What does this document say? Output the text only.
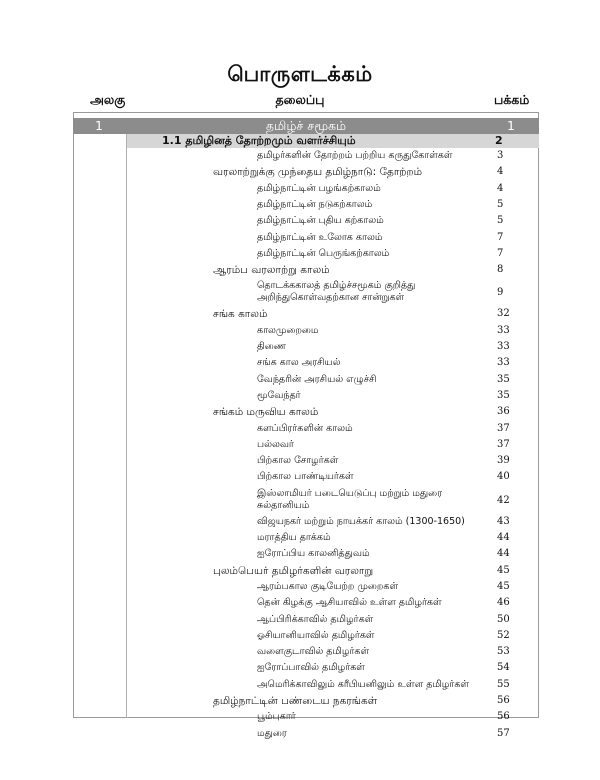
பொருளடக்கம்
அலகு	தலைப்பு	பக்கம்
1	தமிழ்ச் சமூகம்	1
1.1 தமிழினத் தோற்றமும் வளர்ச்சியும்	2
தமிழர்களின் தோற்றம் பற்றிய கருதுகோள்கள்	3
வரலாற்றுக்கு முந்தைய தமிழ்நாடு: தோற்றம்	4
தமிழ்நாட்டின் பழங்கற்காலம்	4
தமிழ்நாட்டின் நடுகற்காலம்	5
தமிழ்நாட்டின் புதிய கற்காலம்	5
தமிழ்நாட்டின் உலோக காலம்	7
தமிழ்நாட்டின் பெருங்கற்காலம்	7
ஆரம்ப வரலாற்று காலம்	8
தொடக்ககாலத் தமிழ்ச்சமூகம் குறித்து
அறிந்துகொள்வதற்கான சான்றுகள்	9
சங்க காலம்	32
காலமுறைமை	33
திணை	33
சங்க கால அரசியல்	33
வேந்தரின் அரசியல் எழுச்சி	35
மூவேந்தர்	35
சங்கம் மருவிய காலம்	36
களப்பிரர்களின் காலம்	37
பல்லவர்	37
பிற்கால சோழர்கள்	39
பிற்கால பாண்டியர்கள்	40
இஸ்லாமியர் படையெடுப்பு மற்றும் மதுரை
சுல்தானியம்	42
விஜயநகர் மற்றும் நாயக்கர் காலம் (1300-1650)	43
மராத்திய தாக்கம்	44
ஐரோப்பிய காலனித்துவம்	44
புலம்பெயர் தமிழர்களின் வரலாறு	45
ஆரம்பகால குடியேற்ற முறைகள்	45
தென் கிழக்கு ஆசியாவில் உள்ள தமிழர்கள்	46
ஆப்பிரிக்காவில் தமிழர்கள்	50
ஓசியானியாவில் தமிழர்கள்	52
வளைகுடாவில் தமிழர்கள்	53
ஐரோப்பாவில் தமிழர்கள்	54
அமெரிக்காவிலும் கரீபியனிலும் உள்ள தமிழர்கள்	55
தமிழ்நாட்டின் பண்டைய நகரங்கள்	56
பூம்புகார்	56
மதுரை	57
